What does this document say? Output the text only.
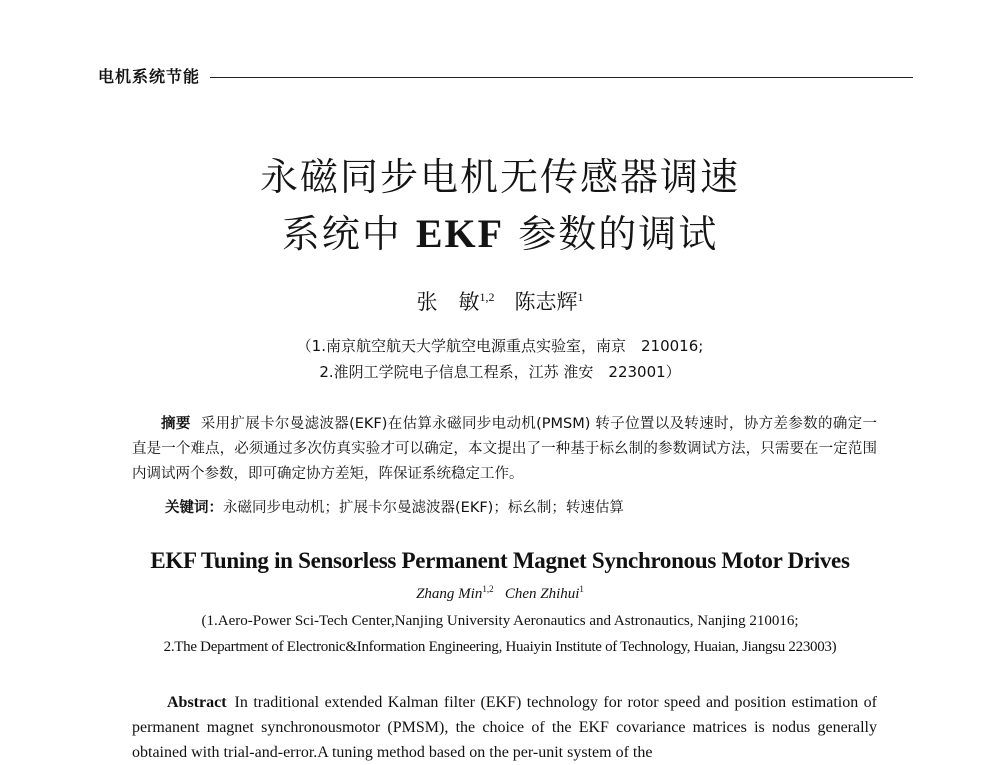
电机系统节能
永磁同步电机无传感器调速
系统中 EKF 参数的调试
张　敏$^{1,2}$ 陈志辉$^1$
（1.南京航空航天大学航空电源重点实验室，南京　210016;
2.淮阴工学院电子信息工程系，江苏 淮安　223001）
摘要 采用扩展卡尔曼滤波器(EKF)在估算永磁同步电动机(PMSM) 转子位置以及转速时，协方差参数的确定一直是一个难点，必须通过多次仿真实验才可以确定，本文提出了一种基于标幺制的参数调试方法，只需要在一定范围内调试两个参数，即可确定协方差矩，阵保证系统稳定工作。
关键词：永磁同步电动机；扩展卡尔曼滤波器(EKF)；标幺制；转速估算
EKF Tuning in Sensorless Permanent Magnet Synchronous Motor Drives
Zhang Min$^{1,2}$ Chen Zhihui$^1$
(1.Aero-Power Sci-Tech Center,Nanjing University Aeronautics and Astronautics, Nanjing 210016;
2.The Department of Electronic&Information Engineering, Huaiyin Institute of Technology, Huaian, Jiangsu 223003)
Abstract In traditional extended Kalman filter (EKF) technology for rotor speed and position estimation of permanent magnet synchronousmotor (PMSM), the choice of the EKF covariance matrices is nodus generally obtained with trial-and-error.A tuning method based on the per-unit system of the
